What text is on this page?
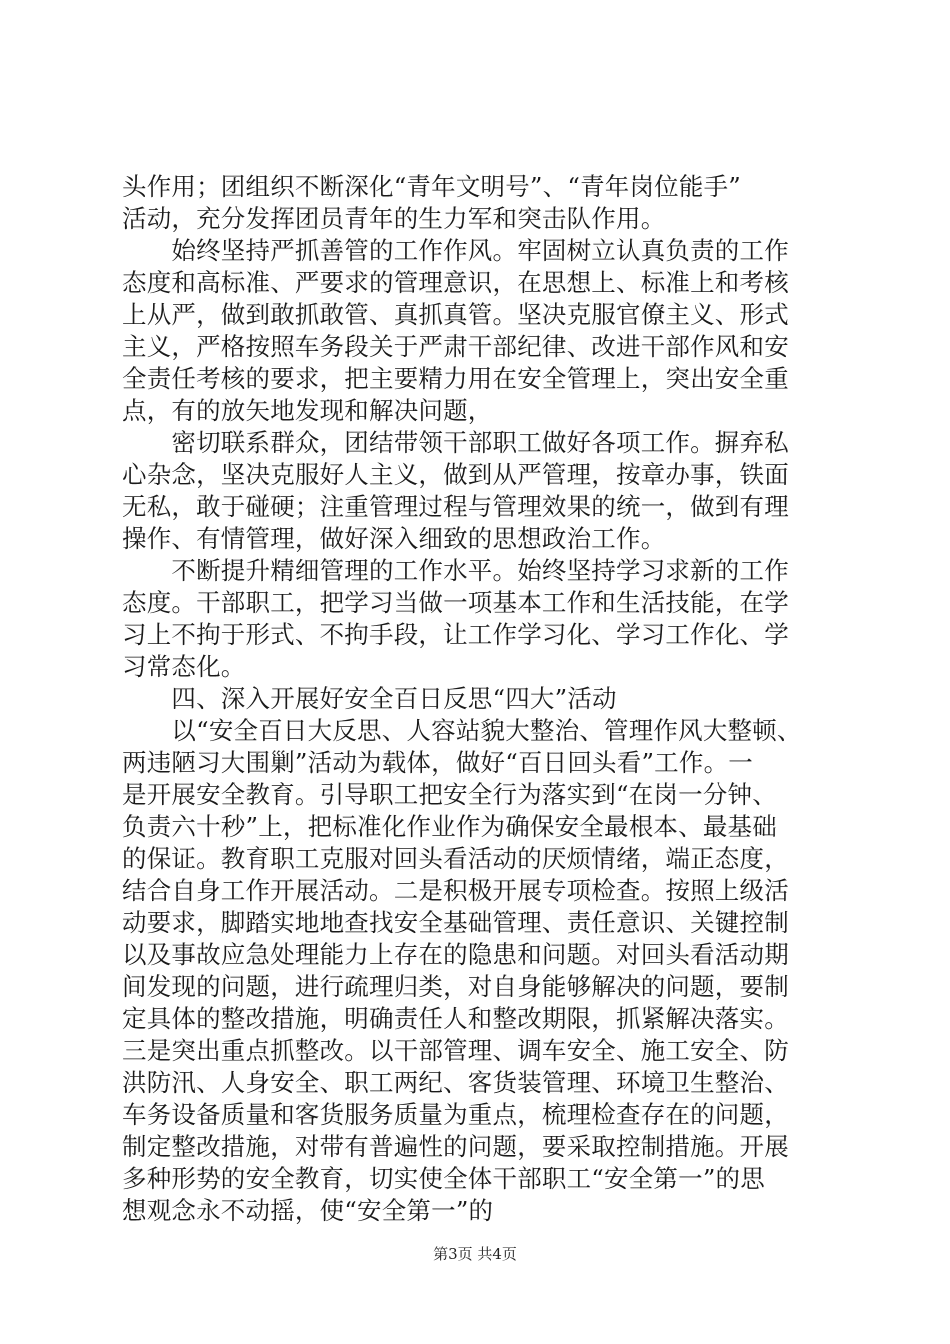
头作用；团组织不断深化“青年文明号”、“青年岗位能手”
活动，充分发挥团员青年的生力军和突击队作用。
　　始终坚持严抓善管的工作作风。牢固树立认真负责的工作
态度和高标准、严要求的管理意识，在思想上、标准上和考核
上从严，做到敢抓敢管、真抓真管。坚决克服官僚主义、形式
主义，严格按照车务段关于严肃干部纪律、改进干部作风和安
全责任考核的要求，把主要精力用在安全管理上，突出安全重
点，有的放矢地发现和解决问题，
　　密切联系群众，团结带领干部职工做好各项工作。摒弃私
心杂念，坚决克服好人主义，做到从严管理，按章办事，铁面
无私，敢于碰硬；注重管理过程与管理效果的统一，做到有理
操作、有情管理，做好深入细致的思想政治工作。
　　不断提升精细管理的工作水平。始终坚持学习求新的工作
态度。干部职工，把学习当做一项基本工作和生活技能，在学
习上不拘于形式、不拘手段，让工作学习化、学习工作化、学
习常态化。
　　四、深入开展好安全百日反思“四大”活动
　　以“安全百日大反思、人容站貌大整治、管理作风大整顿、
两违陋习大围剿”活动为载体，做好“百日回头看”工作。一
是开展安全教育。引导职工把安全行为落实到“在岗一分钟、
负责六十秒”上，把标准化作业作为确保安全最根本、最基础
的保证。教育职工克服对回头看活动的厌烦情绪，端正态度，
结合自身工作开展活动。二是积极开展专项检查。按照上级活
动要求，脚踏实地地查找安全基础管理、责任意识、关键控制
以及事故应急处理能力上存在的隐患和问题。对回头看活动期
间发现的问题，进行疏理归类，对自身能够解决的问题，要制
定具体的整改措施，明确责任人和整改期限，抓紧解决落实。
三是突出重点抓整改。以干部管理、调车安全、施工安全、防
洪防汛、人身安全、职工两纪、客货装管理、环境卫生整治、
车务设备质量和客货服务质量为重点，梳理检查存在的问题，
制定整改措施，对带有普遍性的问题，要采取控制措施。开展
多种形势的安全教育，切实使全体干部职工“安全第一”的思
想观念永不动摇，使“安全第一”的
第3页 共4页
